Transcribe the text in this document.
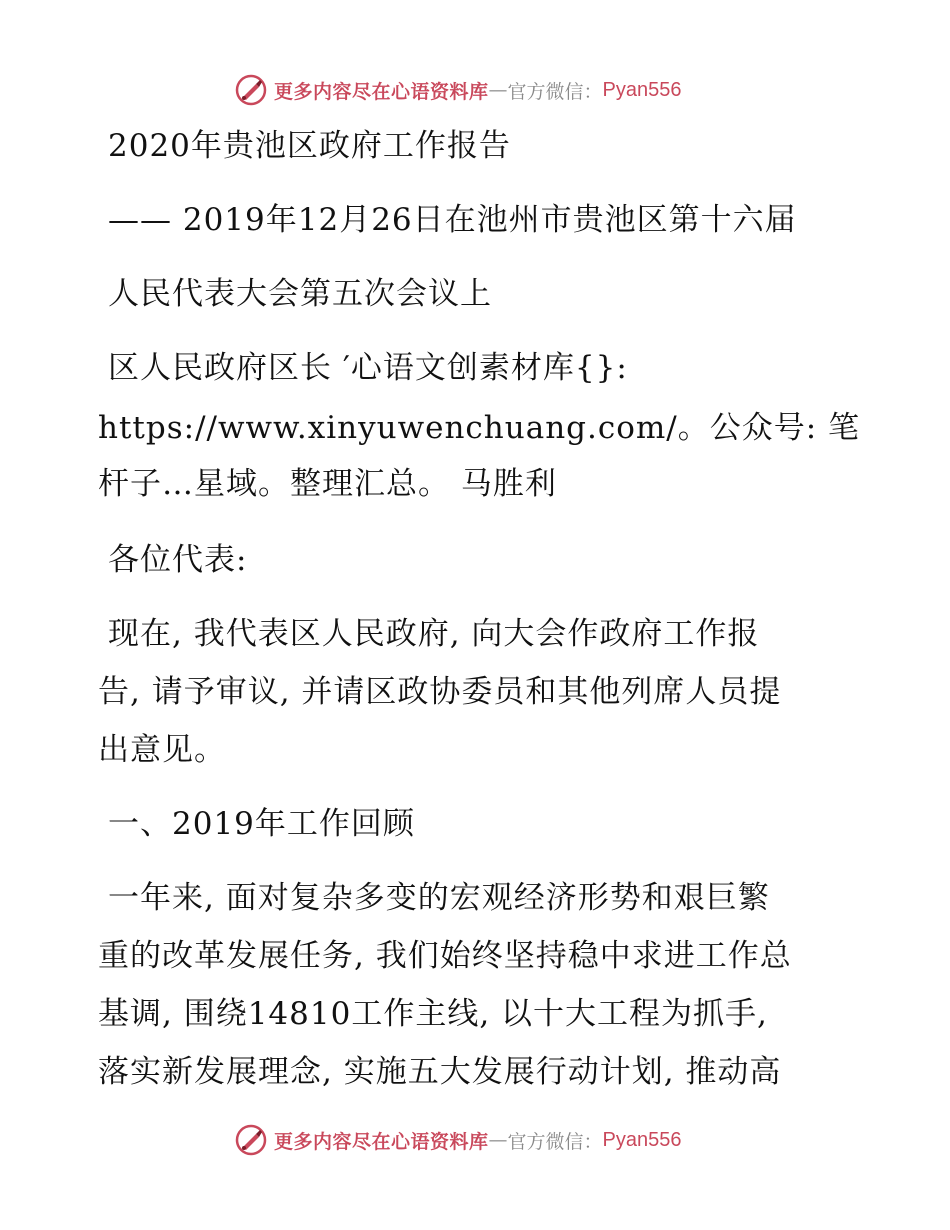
更多内容尽在心语资料库 — 官方微信： Pyan556
2020年贵池区政府工作报告
—— 2019年12月26日在池州市贵池区第十六届
人民代表大会第五次会议上
区人民政府区长 ′心语文创素材库{}:
https://www.xinyuwenchuang.com/。公众号: 笔
杆子…星域。整理汇总。 马胜利
各位代表:
现在, 我代表区人民政府, 向大会作政府工作报
告, 请予审议, 并请区政协委员和其他列席人员提
出意见。
一、2019年工作回顾
一年来, 面对复杂多变的宏观经济形势和艰巨繁
重的改革发展任务, 我们始终坚持稳中求进工作总
基调, 围绕14810工作主线, 以十大工程为抓手,
落实新发展理念, 实施五大发展行动计划, 推动高
更多内容尽在心语资料库 — 官方微信： Pyan556
